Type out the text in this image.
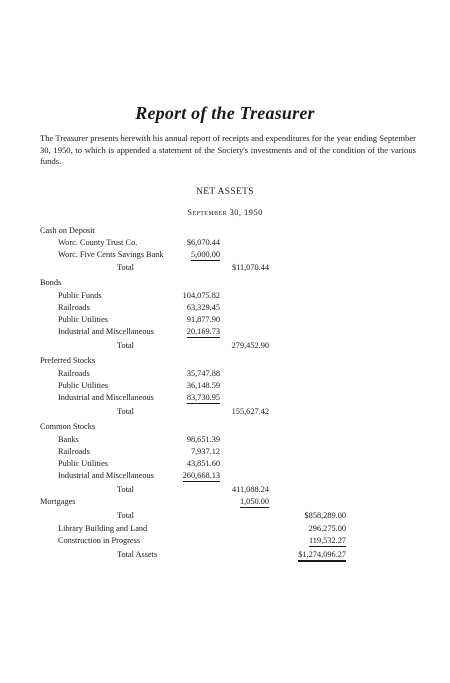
Report of the Treasurer
The Treasurer presents herewith his annual report of receipts and expenditures for the year ending September 30, 1950, to which is appended a statement of the Society's investments and of the condition of the various funds.
NET ASSETS
September 30, 1950
Cash on Deposit
Worc. County Trust Co.	$6,070.44
Worc. Five Cents Savings Bank	5,000.00
Total	$11,070.44
Bonds
Public Funds	104,075.82
Railroads	63,329.45
Public Utilities	91,877.90
Industrial and Miscellaneous	20,169.73
Total	279,452.90
Preferred Stocks
Railroads	35,747.88
Public Utilities	36,148.59
Industrial and Miscellaneous	83,730.95
Total	155,627.42
Common Stocks
Banks	98,651.39
Railroads	7,937.12
Public Utilities	43,851.60
Industrial and Miscellaneous	260,668.13
Total	411,088.24
Mortgages	1,050.00
Total	$858,289.00
Library Building and Land	296,275.00
Construction in Progress	119,532.27
Total Assets	$1,274,096.27
